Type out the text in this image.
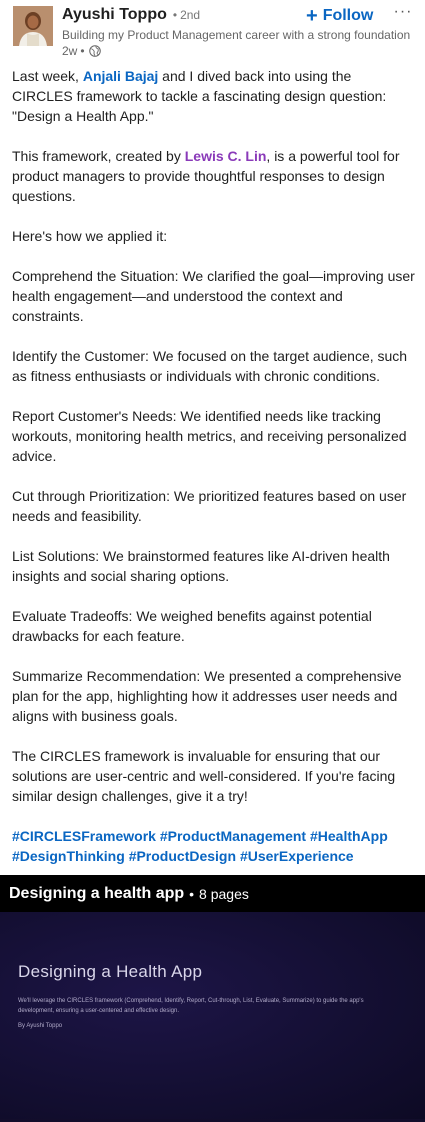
Ayushi Toppo
•	2nd
Building my Product Management career with a strong foundation
2w •
+ Follow ···

Last week, Anjali Bajaj and I dived back into using the CIRCLES framework to tackle a fascinating design question: "Design a Health App."

This framework, created by Lewis C. Lin, is a powerful tool for product managers to provide thoughtful responses to design questions.

Here's how we applied it:

Comprehend the Situation: We clarified the goal—improving user health engagement—and understood the context and constraints.

Identify the Customer: We focused on the target audience, such as fitness enthusiasts or individuals with chronic conditions.

Report Customer's Needs: We identified needs like tracking workouts, monitoring health metrics, and receiving personalized advice.

Cut through Prioritization: We prioritized features based on user needs and feasibility.

List Solutions: We brainstormed features like AI-driven health insights and social sharing options.

Evaluate Tradeoffs: We weighed benefits against potential drawbacks for each feature.

Summarize Recommendation: We presented a comprehensive plan for the app, highlighting how it addresses user needs and aligns with business goals.

The CIRCLES framework is invaluable for ensuring that our solutions are user-centric and well-considered. If you're facing similar design challenges, give it a try!

#CIRCLESFramework #ProductManagement #HealthApp #DesignThinking #ProductDesign #UserExperience

Designing a health app • 8 pages
Designing a Health App
We'll leverage the CIRCLES framework (Comprehend, Identify, Report, Cut-through, List, Evaluate, Summarize) to guide the app's development, ensuring a user-centered and effective design.
By Ayushi Toppo
